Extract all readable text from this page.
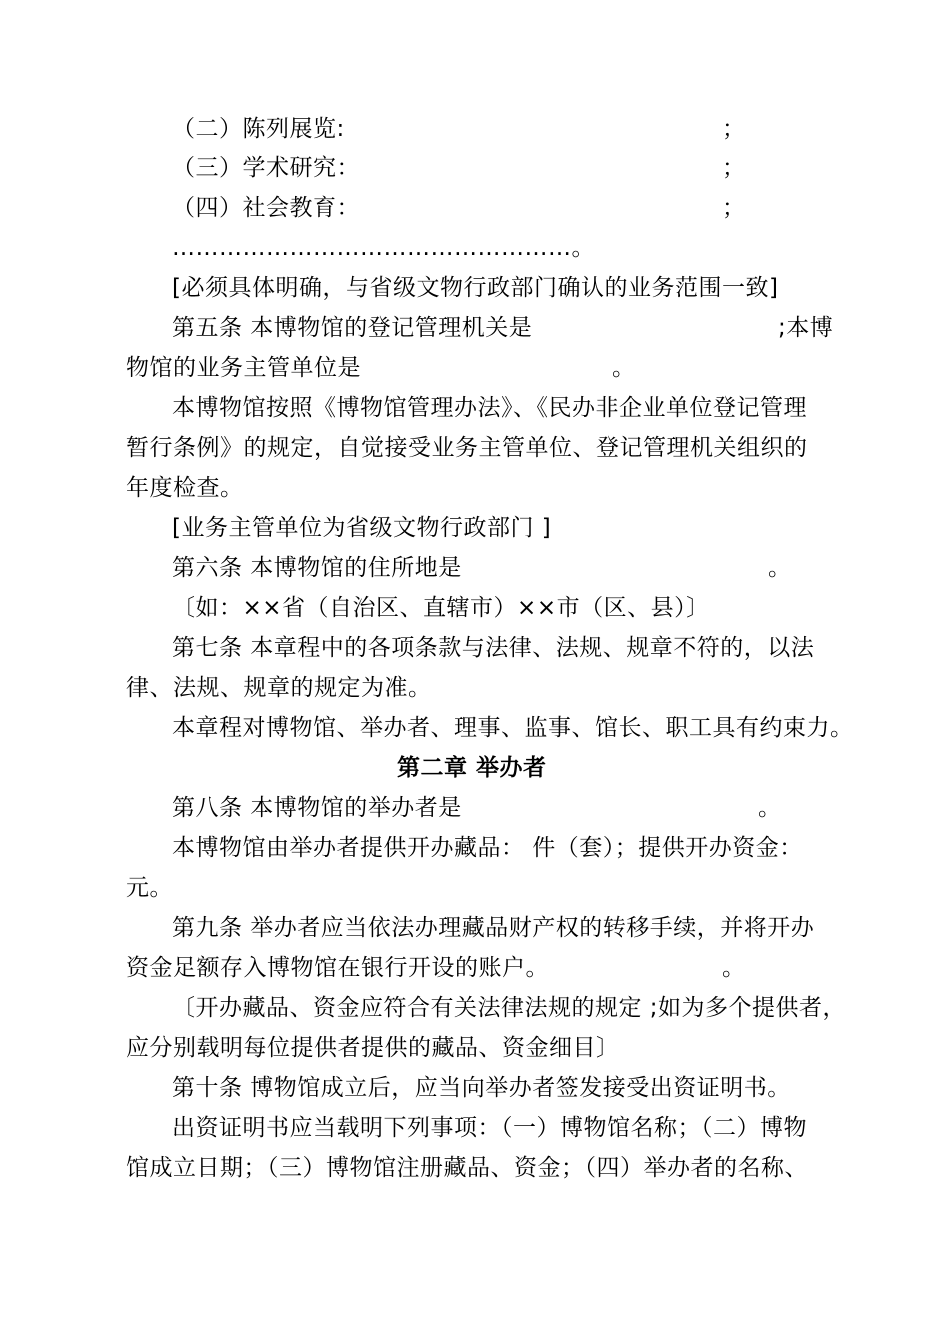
（二）陈列展览:	；
（三）学术研究：	；
（四）社会教育：	；
……………………………………………。
[必须具体明确，与省级文物行政部门确认的业务范围一致]
第五条 本博物馆的登记管理机关是	;本博
物馆的业务主管单位是	。
本博物馆按照《博物馆管理办法》、《民办非企业单位登记管理
暂行条例》的规定，自觉接受业务主管单位、登记管理机关组织的
年度检查。
[业务主管单位为省级文物行政部门 ]
第六条 本博物馆的住所地是	。
〔如：××省（自治区、直辖市）××市（区、县）〕
第七条 本章程中的各项条款与法律、法规、规章不符的，以法
律、法规、规章的规定为准。
本章程对博物馆、举办者、理事、监事、馆长、职工具有约束力。
第二章 举办者
第八条 本博物馆的举办者是	。
本博物馆由举办者提供开办藏品： 件（套）；提供开办资金：
元。
第九条 举办者应当依法办理藏品财产权的转移手续，并将开办
资金足额存入博物馆在银行开设的账户。	。
〔开办藏品、资金应符合有关法律法规的规定 ;如为多个提供者，
应分别载明每位提供者提供的藏品、资金细目〕
第十条 博物馆成立后，应当向举办者签发接受出资证明书。
出资证明书应当载明下列事项：（一）博物馆名称；（二）博物
馆成立日期；（三）博物馆注册藏品、资金；（四）举办者的名称、
